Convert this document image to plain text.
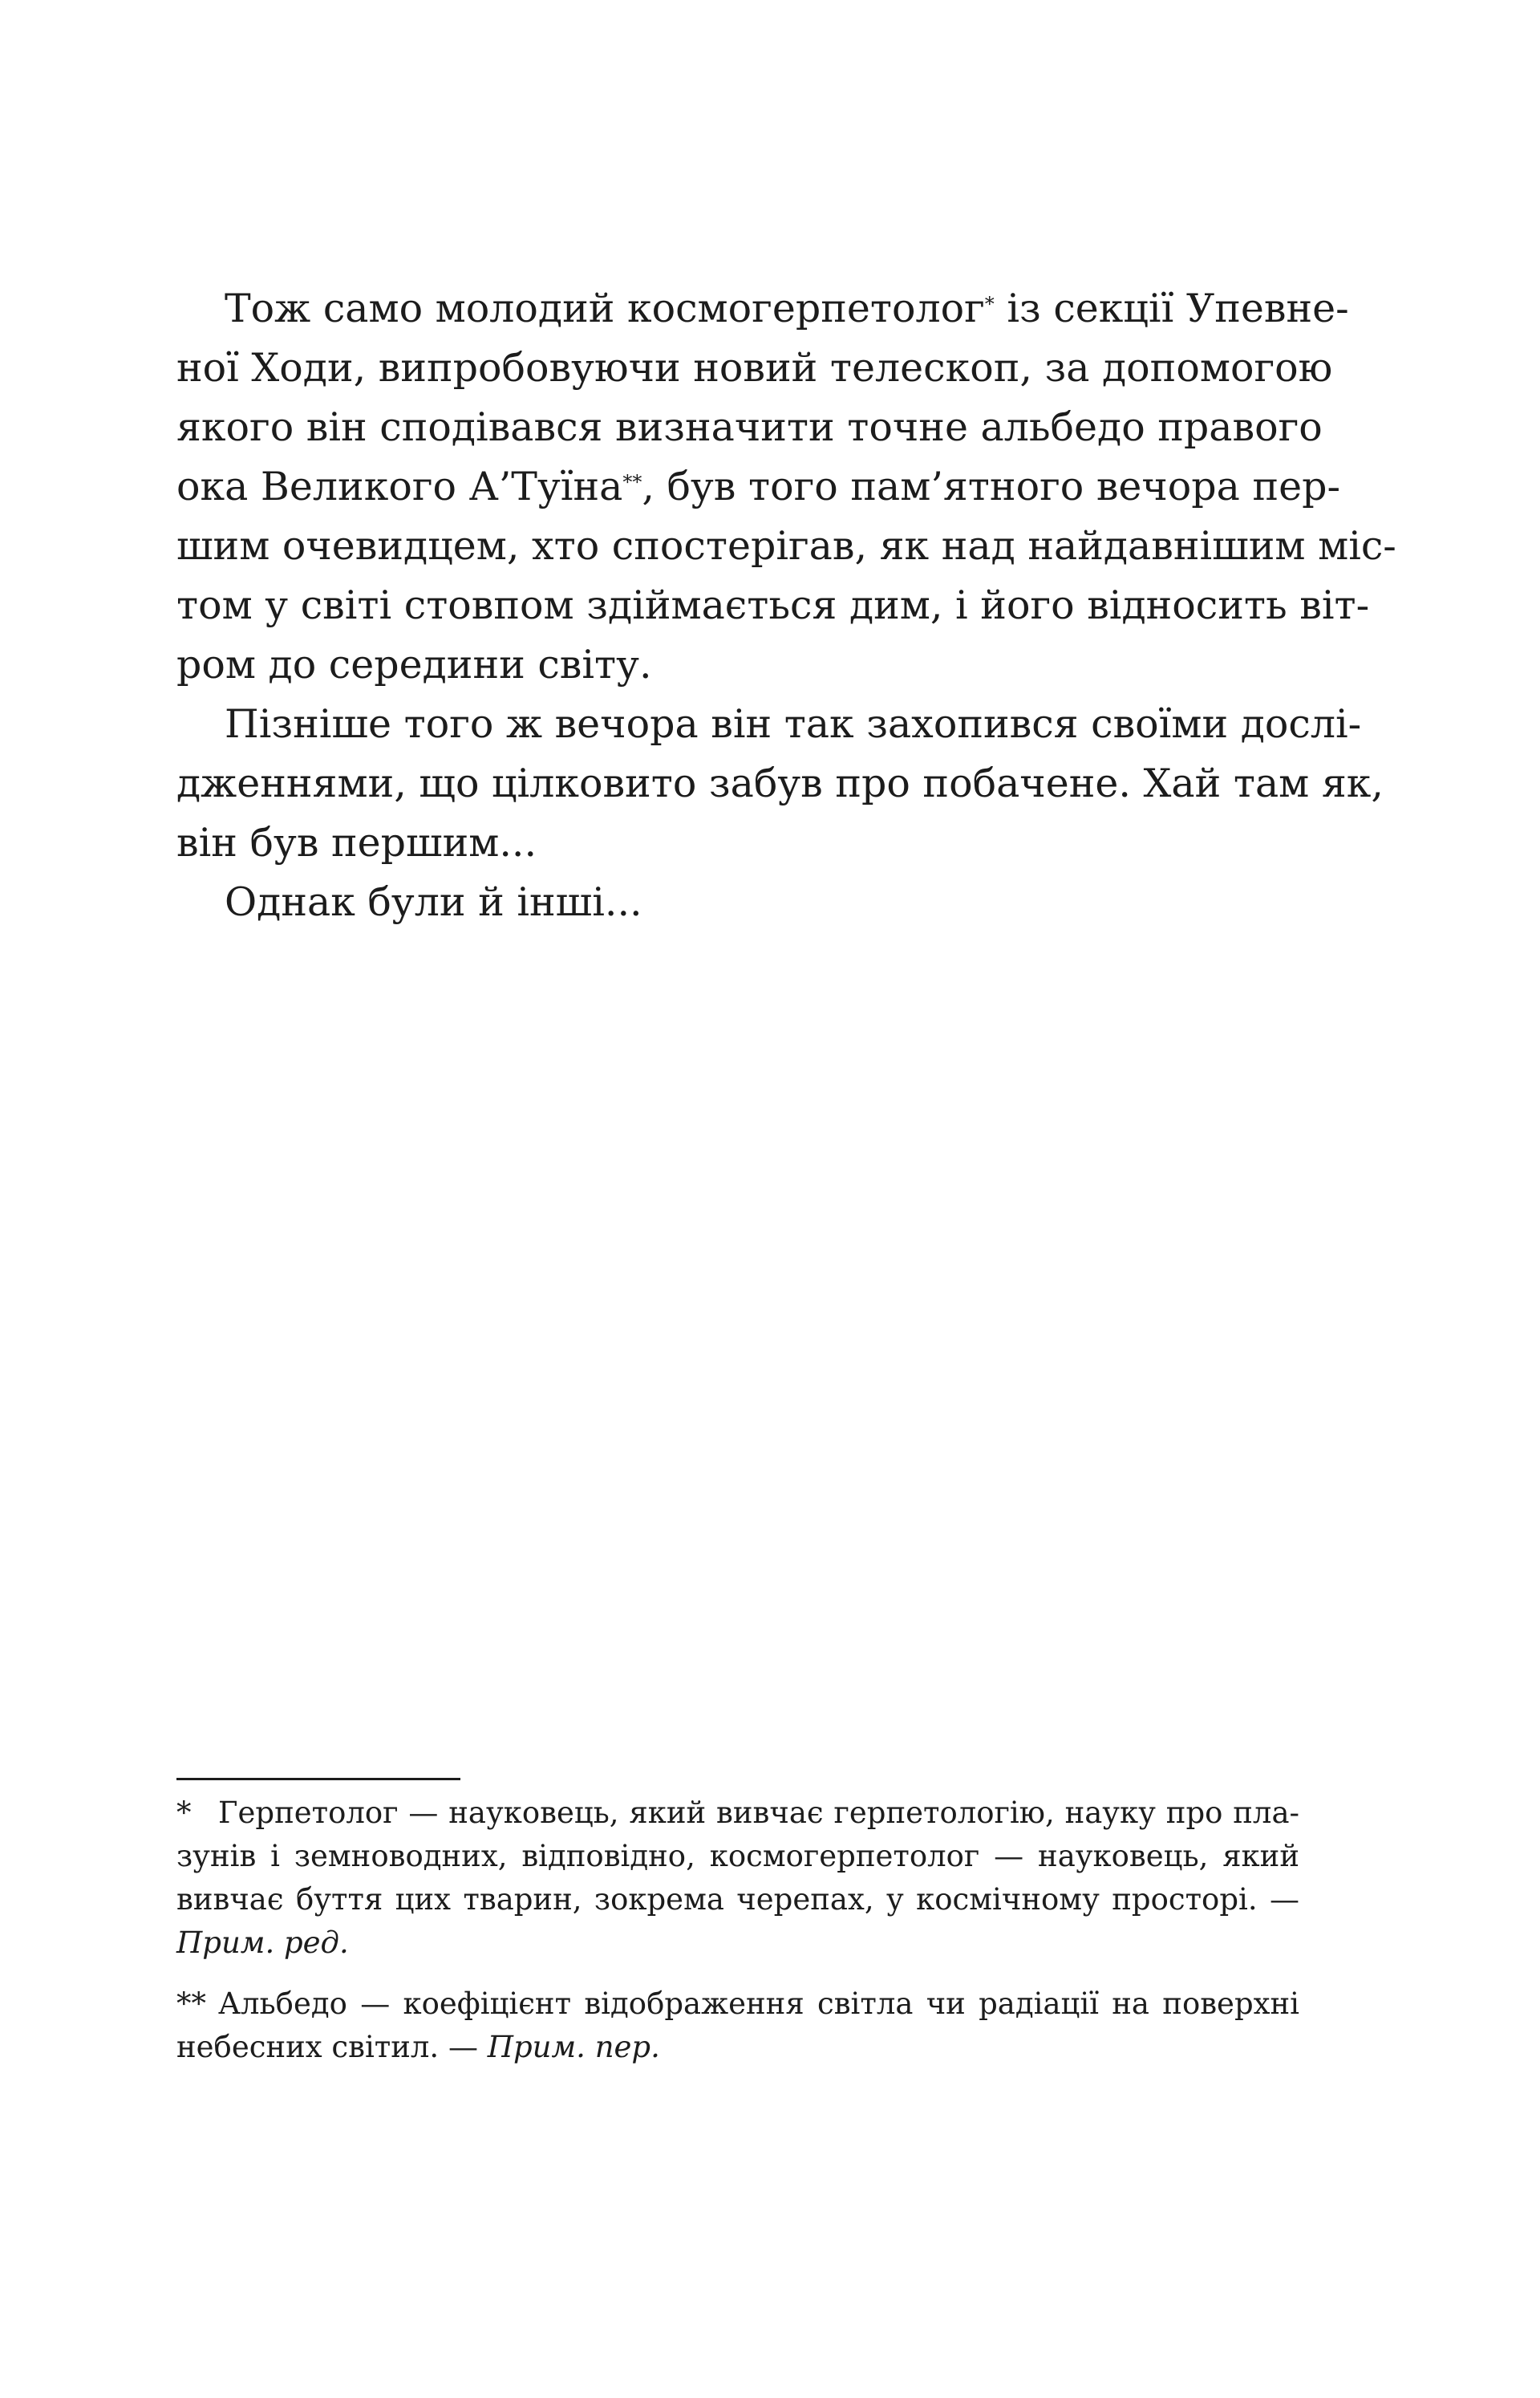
Тож само молодий космогерпетолог* із секції Упевне-
ної Ходи, випробовуючи новий телескоп, за допомогою
якого він сподівався визначити точне альбедо правого
ока Великого А’Туїна**, був того пам’ятного вечора пер-
шим очевидцем, хто спостерігав, як над найдавнішим міс-
том у світі стовпом здіймається дим, і його відносить віт-
ром до середини світу.
Пізніше того ж вечора він так захопився своїми дослі-
дженнями, що цілковито забув про побачене. Хай там як,
він був першим...
Однак були й інші...
* Герпетолог — науковець, який вивчає герпетологію, науку про пла-
зунів і земноводних, відповідно, космогерпетолог — науковець, який
вивчає буття цих тварин, зокрема черепах, у космічному просторі. —
Прим. ред.
** Альбедо — коефіцієнт відображення світла чи радіації на поверхні
небесних світил. — Прим. пер.
